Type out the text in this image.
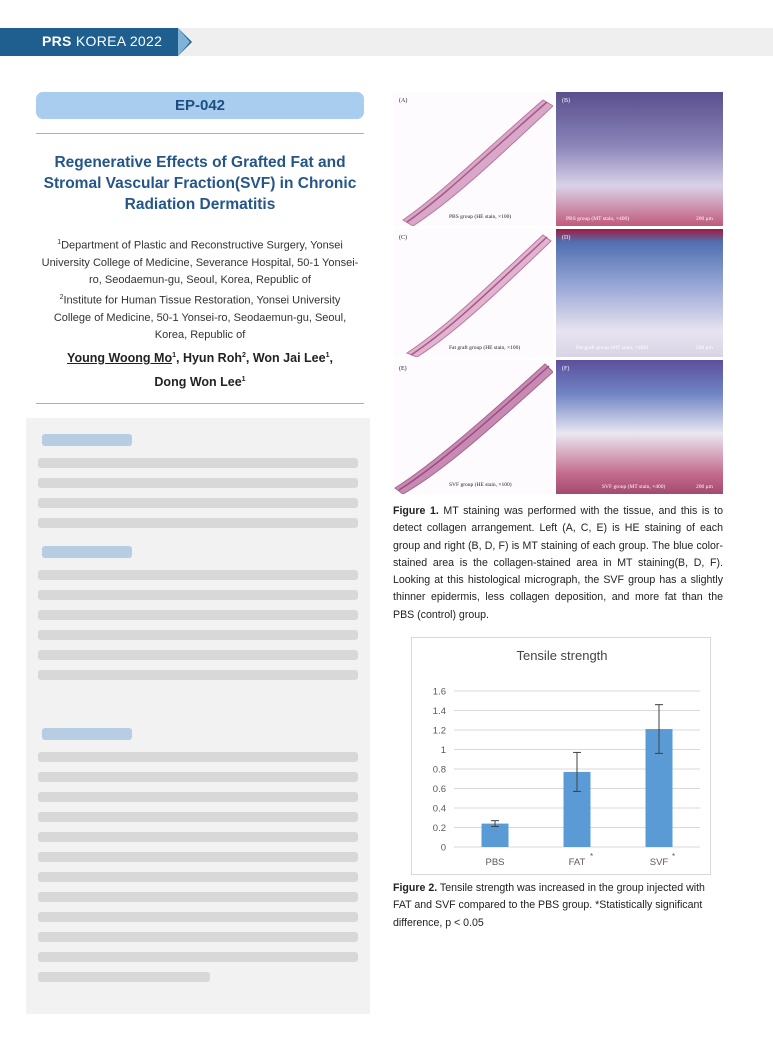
PRS KOREA 2022
EP-042
Regenerative Effects of Grafted Fat and Stromal Vascular Fraction(SVF) in Chronic Radiation Dermatitis
$^1$Department of Plastic and Reconstructive Surgery, Yonsei University College of Medicine, Severance Hospital, 50-1 Yonsei-ro, Seodaemun-gu, Seoul, Korea, Republic of
$^2$Institute for Human Tissue Restoration, Yonsei University College of Medicine, 50-1 Yonsei-ro, Seodaemun-gu, Seoul, Korea, Republic of
Young Woong Mo$^1$, Hyun Roh$^2$, Won Jai Lee$^1$,
Dong Won Lee$^1$
(A)
PBS group (HE stain, ×100)
(B)
PBS group (MT stain, ×400)	200 μm
(C)
Fat graft group (HE stain, ×100)
(D)
Fat graft group (MT stain, ×400)	200 μm
(E)
SVF group (HE stain, ×100)
(F)
SVF group (MT stain, ×400)	200 μm
Figure 1. MT staining was performed with the tissue, and this is to detect collagen arrangement. Left (A, C, E) is HE staining of each group and right (B, D, F) is MT staining of each group. The blue color-stained area is the collagen-stained area in MT staining(B, D, F). Looking at this histological micrograph, the SVF group has a slightly thinner epidermis, less collagen deposition, and more fat than the PBS (control) group.
Tensile strength
0
0.2
0.4
0.6
0.8
1
1.2
1.4
1.6
PBS	FAT
*
SVF
*
Figure 2. Tensile strength was increased in the group injected with FAT and SVF compared to the PBS group. *Statistically significant difference, p < 0.05
